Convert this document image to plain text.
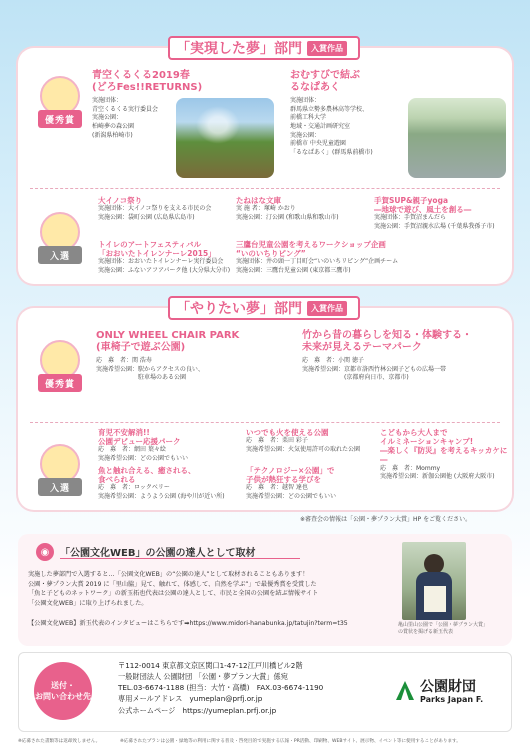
「実現した夢」部門	入賞作品
優秀賞
青空くるくる2019春
(どろFes!!RETURNS)
実施団体：
青空くるくる実行委員会
実施公園：
柏崎夢の森公園
(新潟県柏崎市)
おむすびで結ぶ
るなぱあく
実施団体：
群馬県立勢多農林高等学校、
前橋工科大学
地域・交通計画研究室
実施公園：
前橋市 中央児童遊園
「るなぱあく」(群馬県前橋市)
入選
大イノコ祭り
実施団体：大イノコ祭りを支える市民の会
実施公園：袋町公園 (広島県広島市)
たねはな文庫
実 施 者：塚崎 かおり
実施公園：汀公園 (和歌山県和歌山市)
手賀SUP&親子yoga
―地球で遊び、風土を創る―
実施団体：手賀沼まんだら
実施公園：手賀沼親水広場 (千葉県我孫子市)
トイレのアートフェスティバル
「おおいたトイレンナーレ2015」
実施団体：おおいたトイレンナーレ実行委員会
実施公園：ふないアフアパーク他 (大分県大分市)
三鷹台児童公園を考えるワークショップ企画
“いのいちりピング”
実施団体：井の頭一丁目町会“いのいちリピング”企画チーム
実施公園：三鷹台児童公園 (東京都三鷹市)
「やりたい夢」部門	入賞作品
優秀賞
ONLY WHEEL CHAIR PARK
(車椅子で遊ぶ公園)
応　募　者：関 浩寿
実施希望公園：駅からアクセスの良い、
　　　　　　　駐車場のある公園
竹から昔の暮らしを知る・体験する・
未来が見えるテーマパーク
応　募　者：小関 徳子
実施希望公園：京都市洛西竹林公園子どもの広場一帯
　　　　　　　(京都府向日市、京都市)
入選
育児不安解消!!
公園デビュー応援パーク
応　募　者：網田 葉々絵
実施希望公園：どの公園でもいい
いつでも火を使える公園
応　募　者：栗田 彩子
実施希望公園：火気使用許可の取れた公園
こどもから大人まで
イルミネーションキャンプ!
―楽しく『防災』を考えるキッカケに―
応　募　者：Mommy
実施希望公園：新伽公園他 (大阪府大阪市)
魚と触れ合える、癒される、
食べられる
応　募　者：ロックベリー
実施希望公園：ようよう公園 (海や川が近い所)
「テクノロジー×公園」で
子供が熱狂する学びを
応　募　者：越智 達也
実施希望公園：どの公園でもいい
※審査会の情報は「公園・夢プラン大賞」HP をご覧ください。
◉	「公園文化WEB」の公園の達人として取材
実施した夢部門で入選すると…「公園文化WEB」の“公園の達人”として取材されることもあります！
公園・夢プラン大賞 2019 に「里山脇」見て、触れて、体感して、自然を学ぶ”」で最優秀賞を受賞した
「魚と子どものネットワーク」の新玉拓也代表は公園の達人として、市民と全国の公園を結ぶ情報サイト
「公園文化WEB」に取り上げられました。
【公園文化WEB】新玉代表のインタビューはこちらです➡https://www.midori-hanabunka.jp/tatujin?term=t35	亀山里山公園で「公園・夢プラン大賞」の賞状を掲げる新玉代表
送付・
お問い合わせ先
〒112-0014 東京都文京区関口1-47-12江戸川橋ビル2階
一般財団法人 公園財団 「公園・夢プラン大賞」係宛
TEL.03-6674-1188 (担当：大竹・高橋)　FAX.03-6674-1190
専用メールアドレス　yumeplan@prfj.or.jp
公式ホームページ　https://yumeplan.prfj.or.jp
公園財団
Parks Japan F.
※応募された書類等は返却致しません。	※応募されたプランは公園・緑地等の利用に関する普及・啓発目的で実施する広報・PR活動、印刷物、WEBサイト、展示物、イベント等に使用することがあります。
